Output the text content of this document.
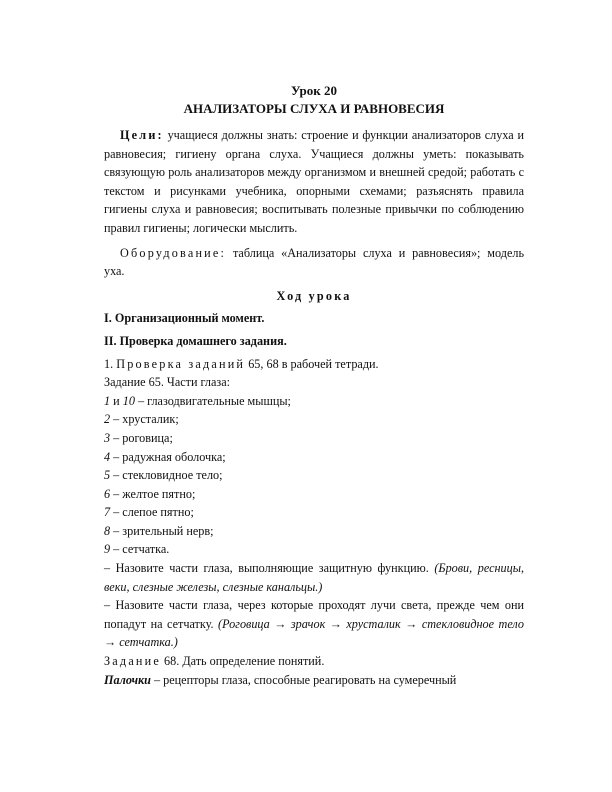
Урок 20

АНАЛИЗАТОРЫ СЛУХА И РАВНОВЕСИЯ

Цели: учащиеся должны знать: строение и функции анализаторов слуха и равновесия; гигиену органа слуха. Учащиеся должны уметь: показывать связующую роль анализаторов между организмом и внешней средой; работать с текстом и рисунками учебника, опорными схемами; разъяснять правила гигиены слуха и равновесия; воспитывать полезные привычки по соблюдению правил гигиены; логически мыслить.

Оборудование: таблица «Анализаторы слуха и равновесия»; модель уха.

Ход урока

I. Организационный момент.

II. Проверка домашнего задания.

1. Проверка заданий 65, 68 в рабочей тетради.

Задание 65. Части глаза:

1 и 10 – глазодвигательные мышцы;

2 – хрусталик;

3 – роговица;

4 – радужная оболочка;

5 – стекловидное тело;

6 – желтое пятно;

7 – слепое пятно;

8 – зрительный нерв;

9 – сетчатка.

– Назовите части глаза, выполняющие защитную функцию. (Брови, ресницы, веки, слезные железы, слезные канальцы.)

– Назовите части глаза, через которые проходят лучи света, прежде чем они попадут на сетчатку. (Роговица → зрачок → хрусталик → стекловидное тело → сетчатка.)

Задание 68. Дать определение понятий.

Палочки – рецепторы глаза, способные реагировать на сумеречный
